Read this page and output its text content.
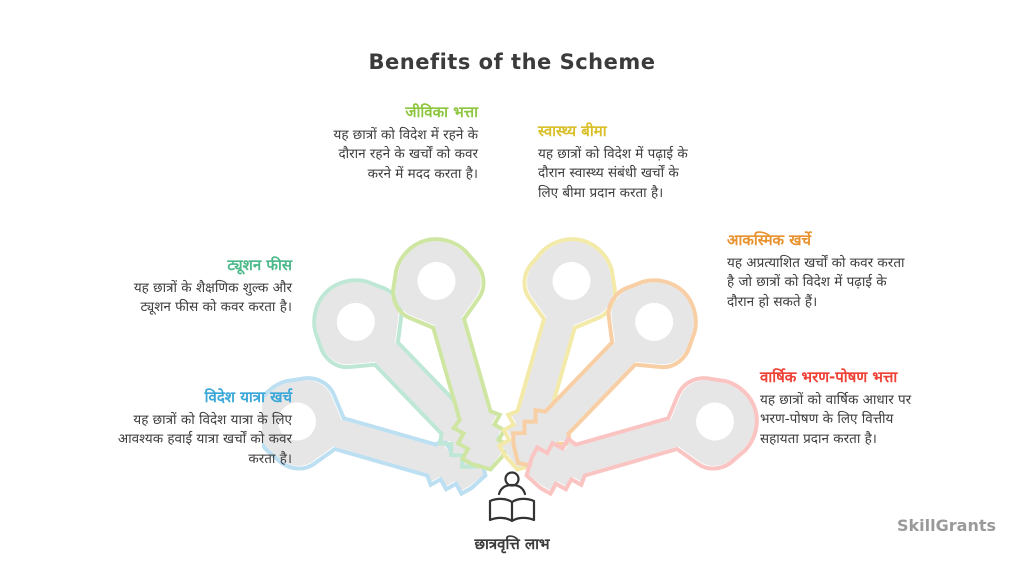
Benefits of the Scheme
छात्रवृत्ति लाभ
ट्यूशन फीस
यह छात्रों के शैक्षणिक शुल्क और ट्यूशन फीस को कवर करता है।
विदेश यात्रा खर्च
यह छात्रों को विदेश यात्रा के लिए आवश्यक हवाई यात्रा खर्चों को कवर करता है।
जीविका भत्ता
यह छात्रों को विदेश में रहने के दौरान रहने के खर्चों को कवर करने में मदद करता है।
स्वास्थ्य बीमा
यह छात्रों को विदेश में पढ़ाई के दौरान स्वास्थ्य संबंधी खर्चों के लिए बीमा प्रदान करता है।
आकस्मिक खर्चे
यह अप्रत्याशित खर्चों को कवर करता है जो छात्रों को विदेश में पढ़ाई के दौरान हो सकते हैं।
वार्षिक भरण-पोषण भत्ता
यह छात्रों को वार्षिक आधार पर भरण-पोषण के लिए वित्तीय सहायता प्रदान करता है।
SkillGrants
